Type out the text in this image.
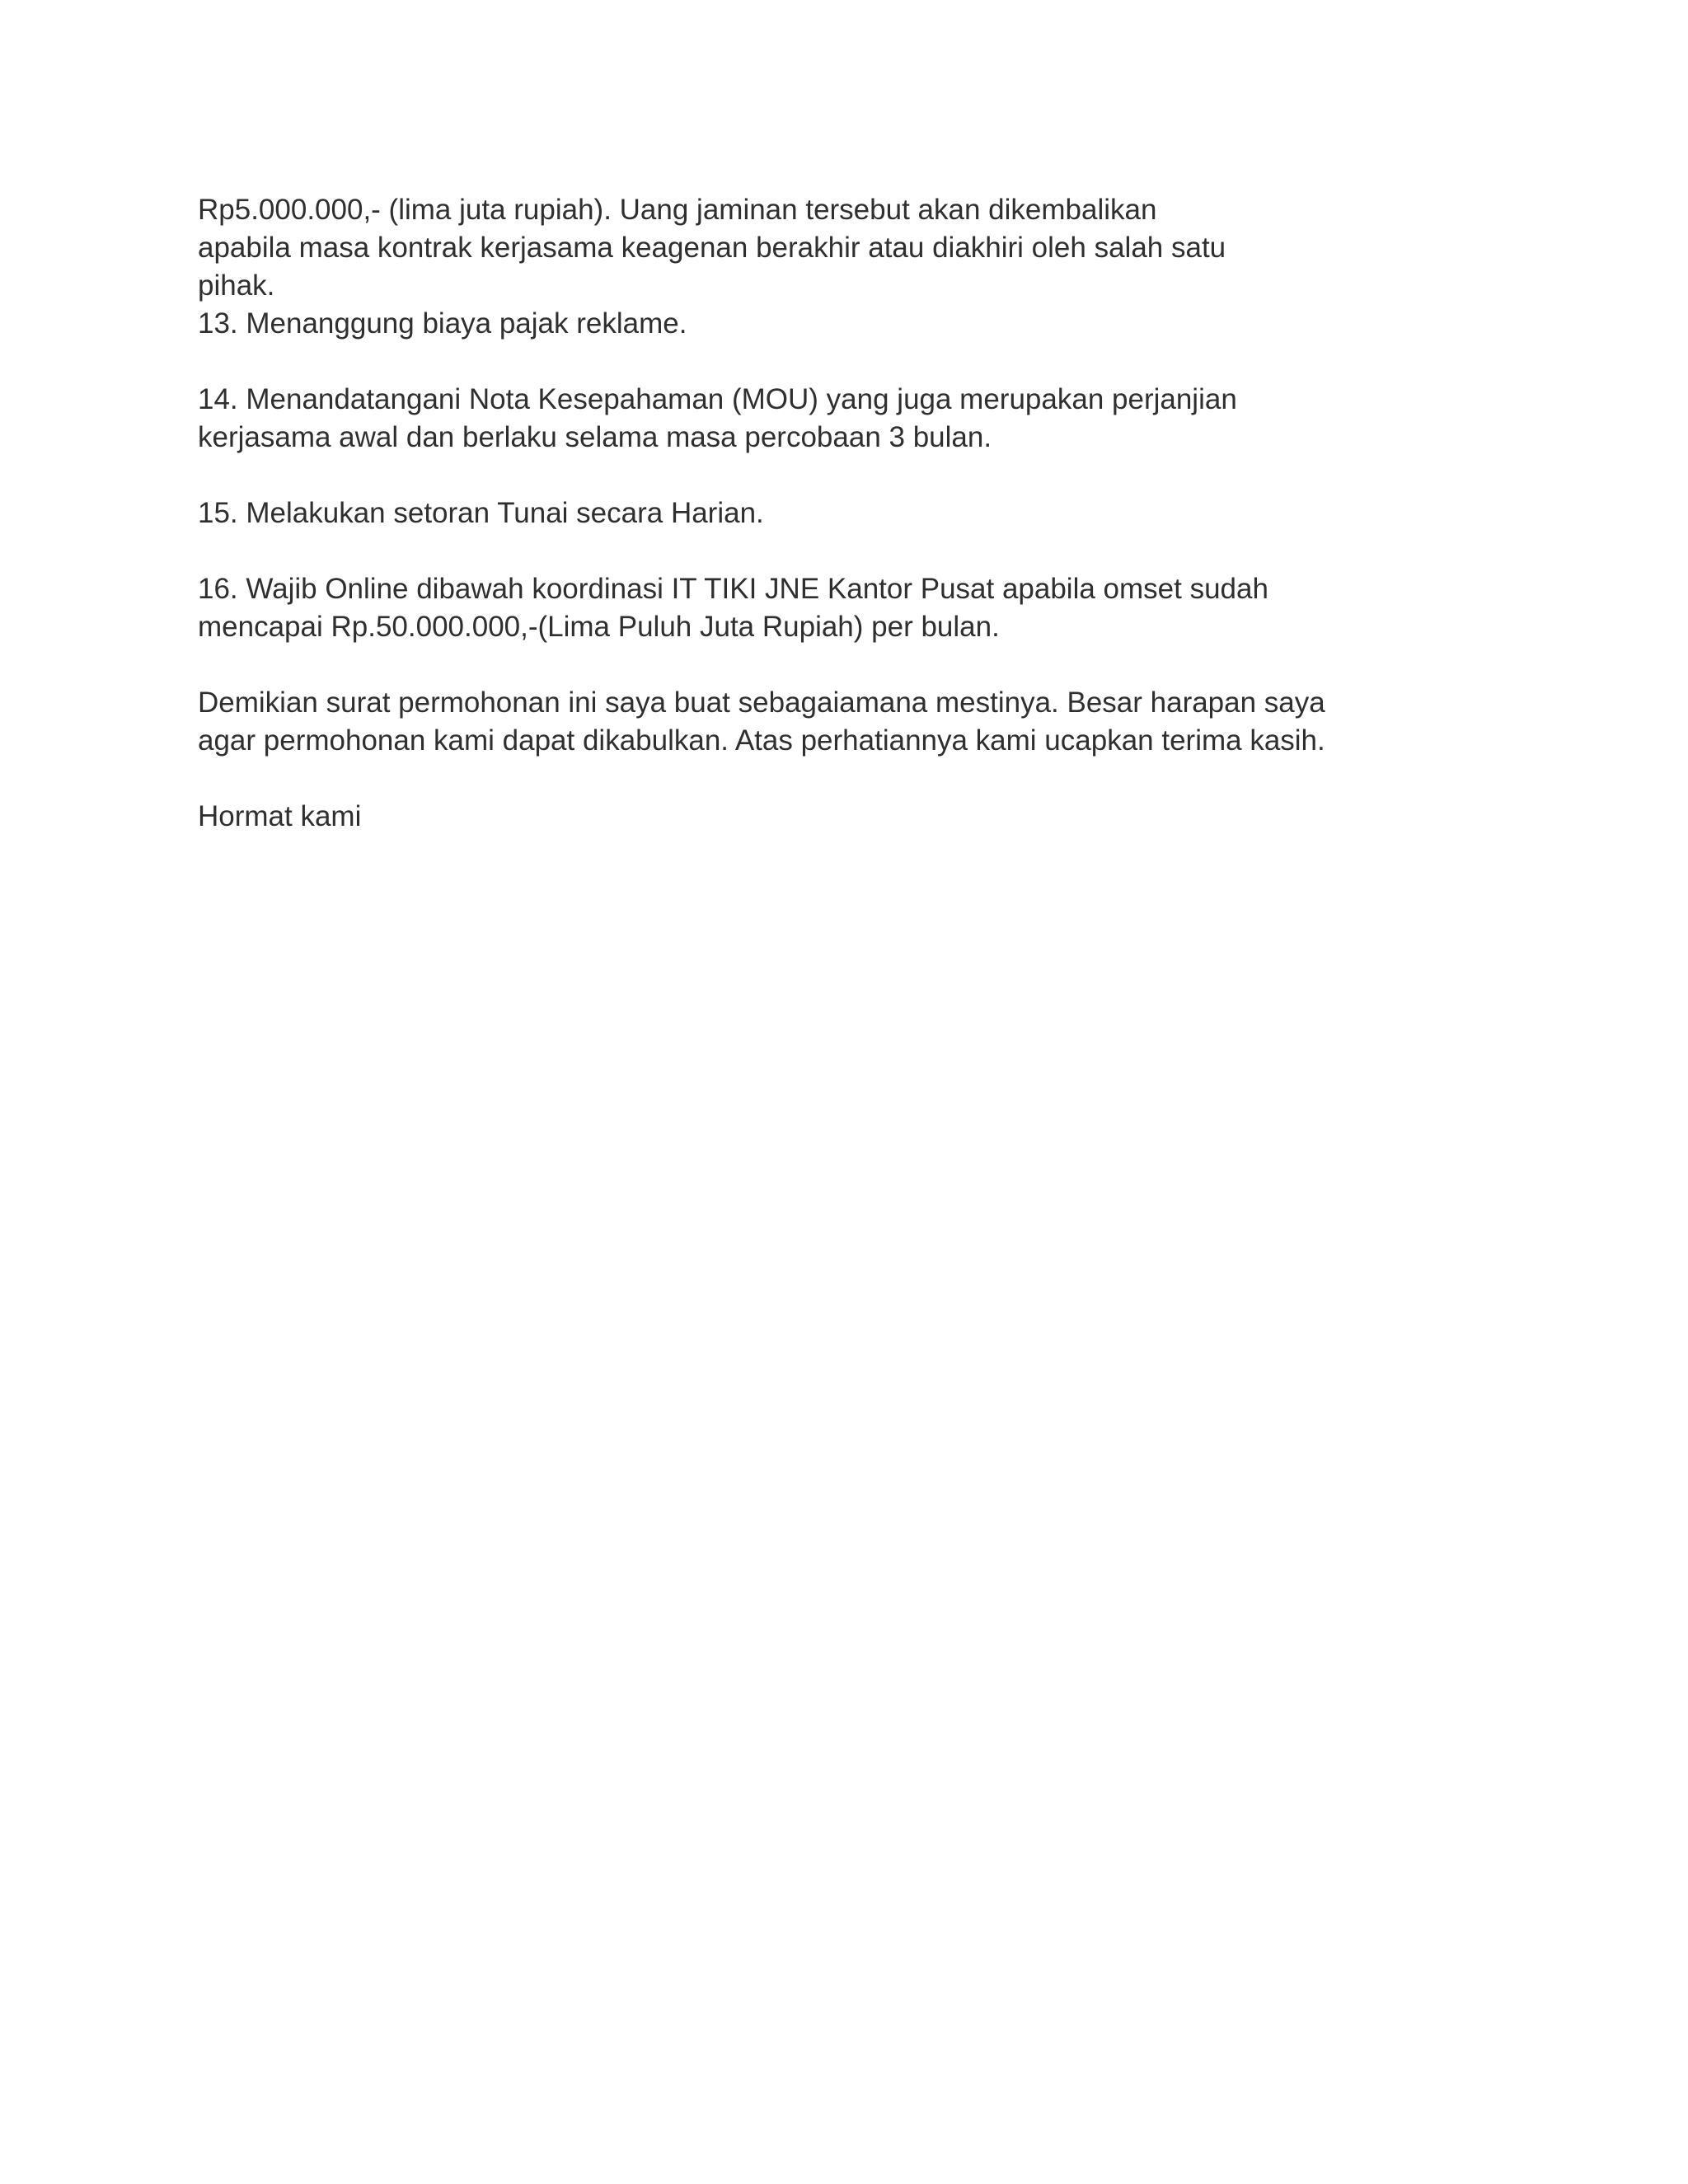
Rp5.000.000,- (lima juta rupiah). Uang jaminan tersebut akan dikembalikan

apabila masa kontrak kerjasama keagenan berakhir atau diakhiri oleh salah satu

pihak.

13. Menanggung biaya pajak reklame.

14. Menandatangani Nota Kesepahaman (MOU) yang juga merupakan perjanjian

kerjasama awal dan berlaku selama masa percobaan 3 bulan.

15. Melakukan setoran Tunai secara Harian.

16. Wajib Online dibawah koordinasi IT TIKI JNE Kantor Pusat apabila omset sudah

mencapai Rp.50.000.000,-(Lima Puluh Juta Rupiah) per bulan.

Demikian surat permohonan ini saya buat sebagaiamana mestinya. Besar harapan saya

agar permohonan kami dapat dikabulkan. Atas perhatiannya kami ucapkan terima kasih.

Hormat kami
